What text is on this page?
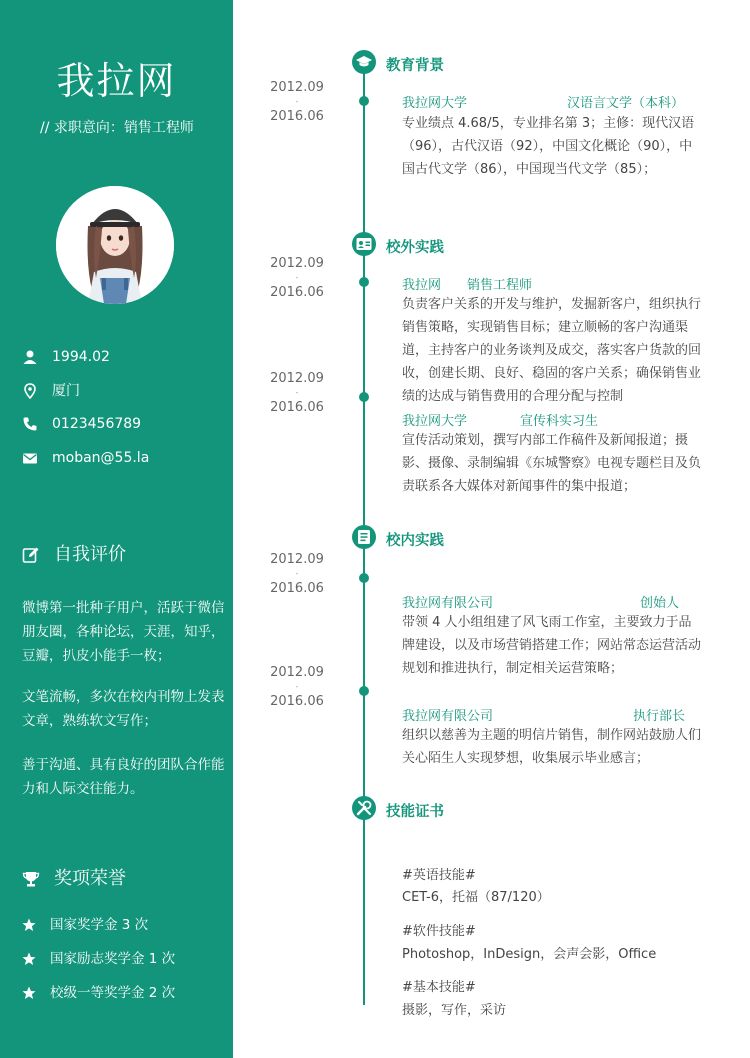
我拉网
// 求职意向：销售工程师
1994.02
厦门
0123456789
moban@55.la
自我评价
微博第一批种子用户，活跃于微信朋友圈，各种论坛，天涯，知乎，豆瓣，扒皮小能手一枚；
文笔流畅，多次在校内刊物上发表文章，熟练软文写作；
善于沟通、具有良好的团队合作能力和人际交往能力。
奖项荣誉
国家奖学金 3 次
国家励志奖学金 1 次
校级一等奖学金 2 次
教育背景
2012.09
-
2016.06
我拉网大学	汉语言文学（本科）
专业绩点 4.68/5，专业排名第 3；主修：现代汉语（96），古代汉语（92），中国文化概论（90），中国古代文学（86），中国现当代文学（85）；
校外实践
2012.09
-
2016.06	我拉网 销售工程师
负责客户关系的开发与维护，发掘新客户，组织执行销售策略，实现销售目标；建立顺畅的客户沟通渠道，主持客户的业务谈判及成交，落实客户货款的回收，创建长期、良好、稳固的客户关系；确保销售业绩的达成与销售费用的合理分配与控制
2012.09
-
2016.06
我拉网大学	宣传科实习生
宣传活动策划，撰写内部工作稿件及新闻报道；摄影、摄像、录制编辑《东城警察》电视专题栏目及负责联系各大媒体对新闻事件的集中报道；
校内实践
2012.09
-
2016.06
我拉网有限公司	创始人
带领 4 人小组组建了风飞雨工作室，主要致力于品牌建设，以及市场营销搭建工作；网站常态运营活动规划和推进执行，制定相关运营策略；
2012.09
-
2016.06
我拉网有限公司	执行部长
组织以慈善为主题的明信片销售，制作网站鼓励人们关心陌生人实现梦想，收集展示毕业感言；
技能证书
#英语技能#
CET-6，托福（87/120）
#软件技能#
Photoshop，InDesign，会声会影，Office
#基本技能#
摄影，写作，采访
